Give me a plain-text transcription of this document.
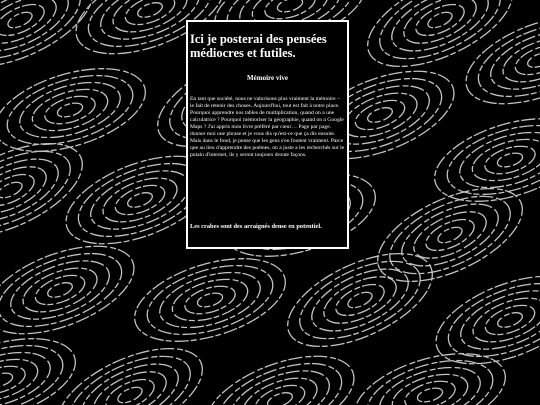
Ici je posterai des pensées médiocres et futiles.
Mémoire vive

En tant que société, nous ne valorisons plus vraiment la mémoire – le fait de retenir des choses. Aujourd'hui, tout est fait à notre place. Pourquoi apprendre nos tables de multiplication, quand on a une calculatrice ? Pourquoi mémoriser la géographie, quand on a Google Maps ? J'ai appris mon livre préféré par cœur… Page par page. donner moi une phrase et je vous dis qu'est-ce que ça dis ensuite. Mais dans le fond, je pense que les gens s'en foutent vraiment. Parce que au lieu d'apprendre des poèmes, on a juste a les recherchés sur le putain d'internet, ils y seront toujours droute façons.

Les crabes sont des arraignés dense en potentiel.
